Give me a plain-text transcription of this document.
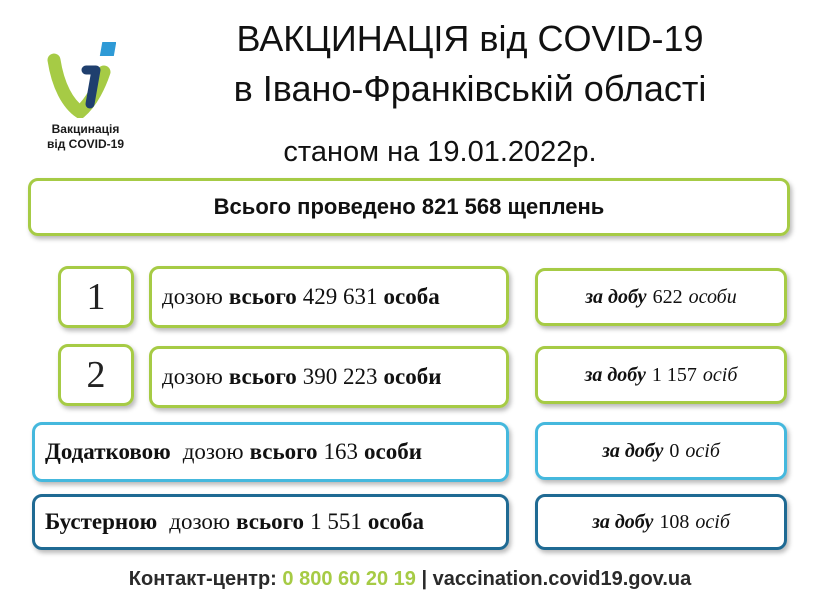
Вакцинація
від COVID-19
ВАКЦИНАЦІЯ від COVID-19
в Івано-Франківській області
станом на 19.01.2022р.
Всього проведено 821 568 щеплень
1 дозою всього 429 631 особа	за добу 622 особи
2 дозою всього 390 223 особи	за добу 1 157 осіб
Додатковою дозою всього 163 особи	за добу 0 осіб
Бустерною дозою всього 1 551 особа	за добу 108 осіб
Контакт-центр: 0 800 60 20 19 | vaccination.covid19.gov.ua
